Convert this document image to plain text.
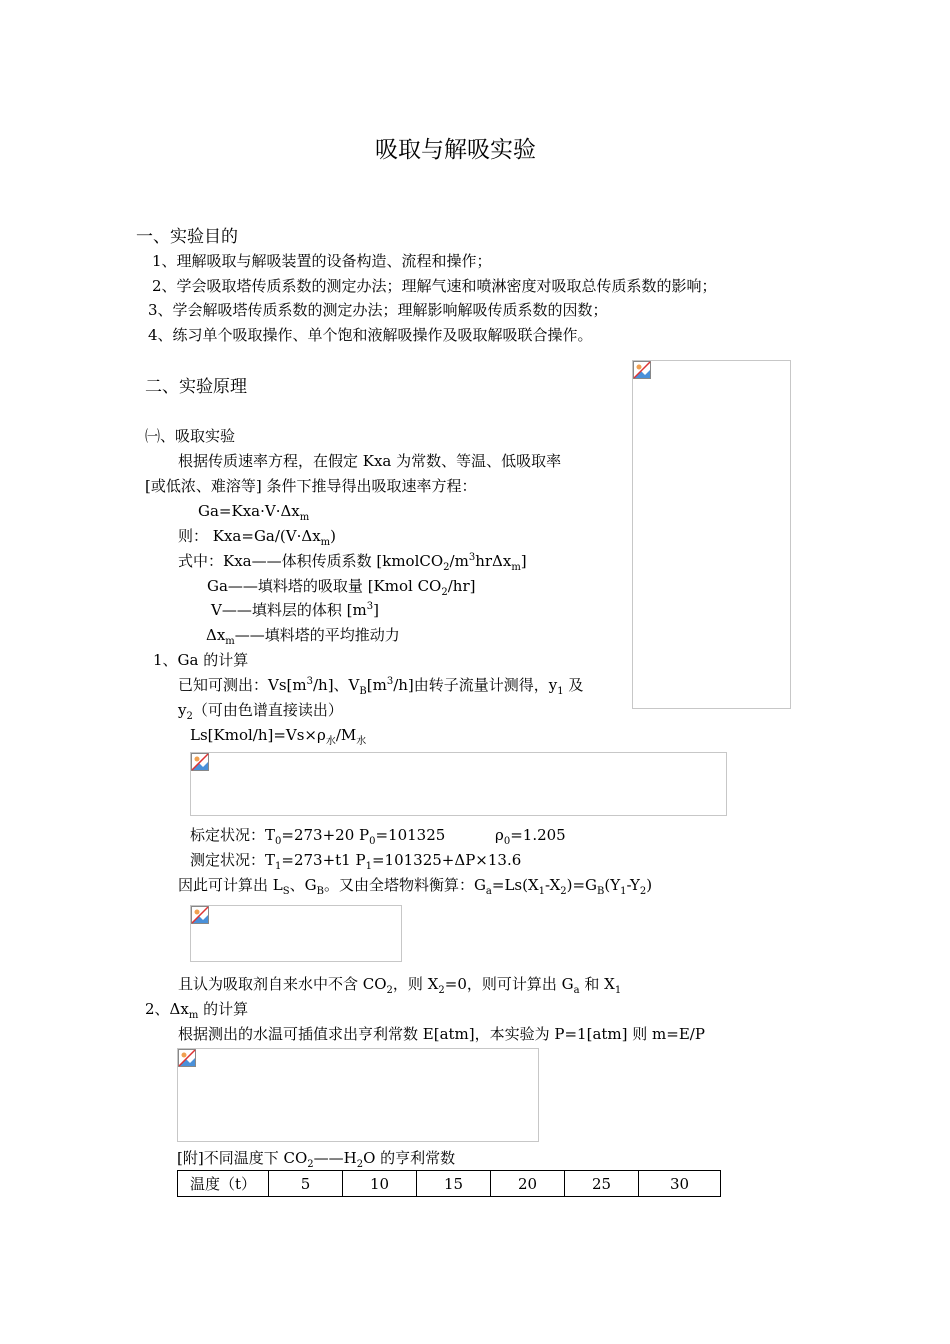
吸取与解吸实验
一、实验目的
1、理解吸取与解吸装置的设备构造、流程和操作；
2、学会吸取塔传质系数的测定办法；理解气速和喷淋密度对吸取总传质系数的影响；
3、学会解吸塔传质系数的测定办法；理解影响解吸传质系数的因数；
4、练习单个吸取操作、单个饱和液解吸操作及吸取解吸联合操作。
二、实验原理
㈠、吸取实验
根据传质速率方程，在假定 Kxa 为常数、等温、低吸取率
[或低浓、难溶等] 条件下推导得出吸取速率方程：
$Ga=Kxa\cdot V\cdot\Delta x_m$
则： $Kxa=Ga/(V\cdot\Delta x_m)$
式中：Kxa——体积传质系数 $[kmolCO_2/m^3hr\Delta x_m]$
Ga——填料塔的吸取量 [Kmol $CO_2/hr$]
V——填料层的体积 $[m^3]$
$\Delta x_m——$填料塔的平均推动力
1、Ga 的计算
已知可测出：$Vs[m^3/h]$、$V_B[m^3/h]$由转子流量计测得，$y_1$ 及
$y_2$（可由色谱直接读出）
$Ls[Kmol/h]=Vs\times\rho_水/M_水$
标定状况：$T_0=273+20$ $P_0=101325$	$\rho_0=1.205$
测定状况：$T_1=273+t1$ $P_1=101325+\Delta P\times 13.6$
因此可计算出 $L_S$、$G_B$。又由全塔物料衡算：$G_a=Ls(X_1-X_2)=G_B(Y_1-Y_2)$
且认为吸取剂自来水中不含 $CO_2$，则 $X_2=0$，则可计算出 $G_a$ 和 $X_1$
2、$\Delta x_m$ 的计算
根据测出的水温可插值求出亨利常数 E[atm]，本实验为 P=1[atm] 则 m=E/P
[附]不同温度下 $CO_2——H_2O$ 的亨利常数
温度（t）	5	10	15	20	25	30
